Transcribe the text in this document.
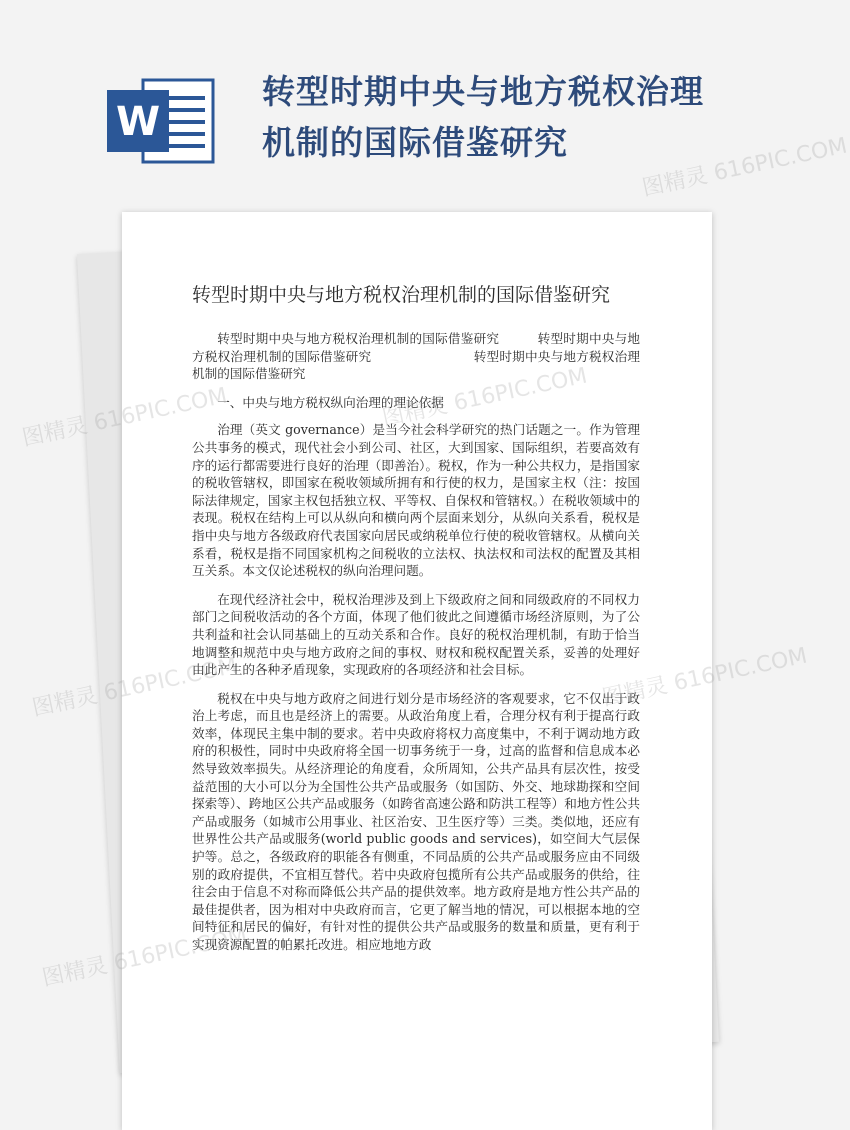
W
转型时期中央与地方税权治理
机制的国际借鉴研究
转型时期中央与地方税权治理机制的国际借鉴研究

转型时期中央与地方税权治理机制的国际借鉴研究　　　转型时期中央与地方税权治理机制的国际借鉴研究　　　　　　　　转型时期中央与地方税权治理机制的国际借鉴研究

一、中央与地方税权纵向治理的理论依据

治理（英文 governance）是当今社会科学研究的热门话题之一。作为管理公共事务的模式，现代社会小到公司、社区，大到国家、国际组织，若要高效有序的运行都需要进行良好的治理（即善治）。税权，作为一种公共权力，是指国家的税收管辖权，即国家在税收领域所拥有和行使的权力，是国家主权（注：按国际法律规定，国家主权包括独立权、平等权、自保权和管辖权。）在税收领域中的表现。税权在结构上可以从纵向和横向两个层面来划分，从纵向关系看，税权是指中央与地方各级政府代表国家向居民或纳税单位行使的税收管辖权。从横向关系看，税权是指不同国家机构之间税收的立法权、执法权和司法权的配置及其相互关系。本文仅论述税权的纵向治理问题。

在现代经济社会中，税权治理涉及到上下级政府之间和同级政府的不同权力部门之间税收活动的各个方面，体现了他们彼此之间遵循市场经济原则，为了公共利益和社会认同基础上的互动关系和合作。良好的税权治理机制，有助于恰当地调整和规范中央与地方政府之间的事权、财权和税权配置关系，妥善的处理好由此产生的各种矛盾现象，实现政府的各项经济和社会目标。

税权在中央与地方政府之间进行划分是市场经济的客观要求，它不仅出于政治上考虑，而且也是经济上的需要。从政治角度上看，合理分权有利于提高行政效率，体现民主集中制的要求。若中央政府将权力高度集中，不利于调动地方政府的积极性，同时中央政府将全国一切事务统于一身，过高的监督和信息成本必然导致效率损失。从经济理论的角度看，众所周知，公共产品具有层次性，按受益范围的大小可以分为全国性公共产品或服务（如国防、外交、地球勘探和空间探索等）、跨地区公共产品或服务（如跨省高速公路和防洪工程等）和地方性公共产品或服务（如城市公用事业、社区治安、卫生医疗等）三类。类似地，还应有世界性公共产品或服务(world public goods and services)，如空间大气层保护等。总之，各级政府的职能各有侧重，不同品质的公共产品或服务应由不同级别的政府提供，不宜相互替代。若中央政府包揽所有公共产品或服务的供给，往往会由于信息不对称而降低公共产品的提供效率。地方政府是地方性公共产品的最佳提供者，因为相对中央政府而言，它更了解当地的情况，可以根据本地的空间特征和居民的偏好，有针对性的提供公共产品或服务的数量和质量，更有利于实现资源配置的帕累托改进。相应地地方政

图精灵 616PIC.COM
图精灵 616PIC.COM	图精灵 616PIC.COM
图精灵 616PIC.COM	图精灵 616PIC.COM
图精灵 616PIC.COM
